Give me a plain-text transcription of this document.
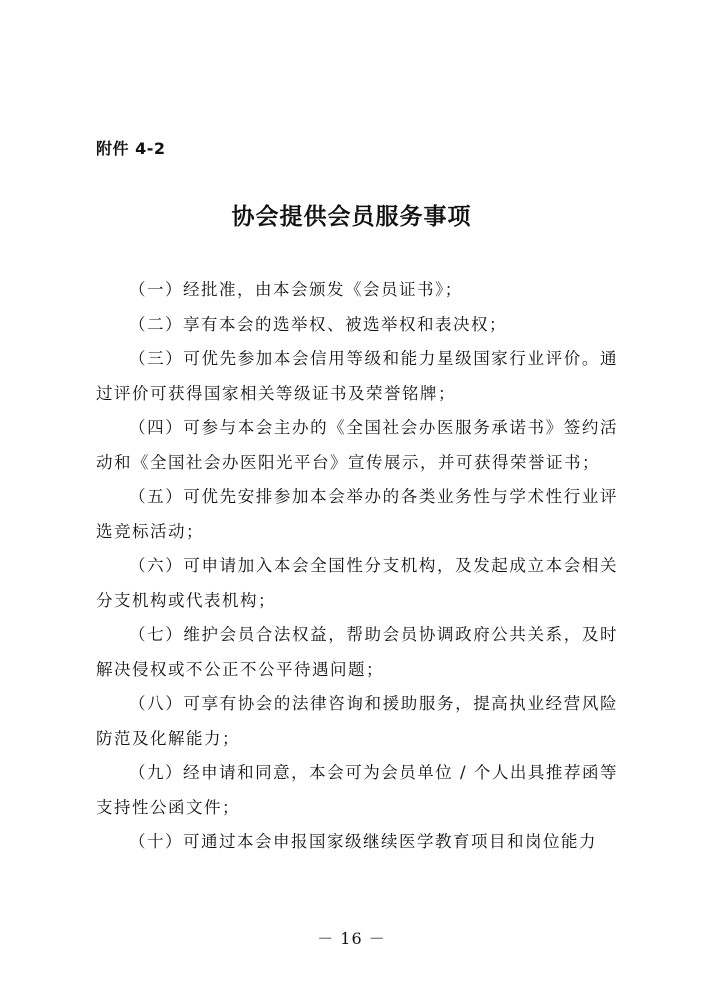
附件 4-2
协会提供会员服务事项

（一）经批准，由本会颁发《会员证书》；

（二）享有本会的选举权、被选举权和表决权；

（三）可优先参加本会信用等级和能力星级国家行业评价。通过评价可获得国家相关等级证书及荣誉铭牌；

（四）可参与本会主办的《全国社会办医服务承诺书》签约活动和《全国社会办医阳光平台》宣传展示，并可获得荣誉证书；

（五）可优先安排参加本会举办的各类业务性与学术性行业评选竞标活动；

（六）可申请加入本会全国性分支机构，及发起成立本会相关分支机构或代表机构；

（七）维护会员合法权益，帮助会员协调政府公共关系，及时解决侵权或不公正不公平待遇问题；

（八）可享有协会的法律咨询和援助服务，提高执业经营风险防范及化解能力；

（九）经申请和同意，本会可为会员单位 / 个人出具推荐函等支持性公函文件；

（十）可通过本会申报国家级继续医学教育项目和岗位能力

－ 16 －
